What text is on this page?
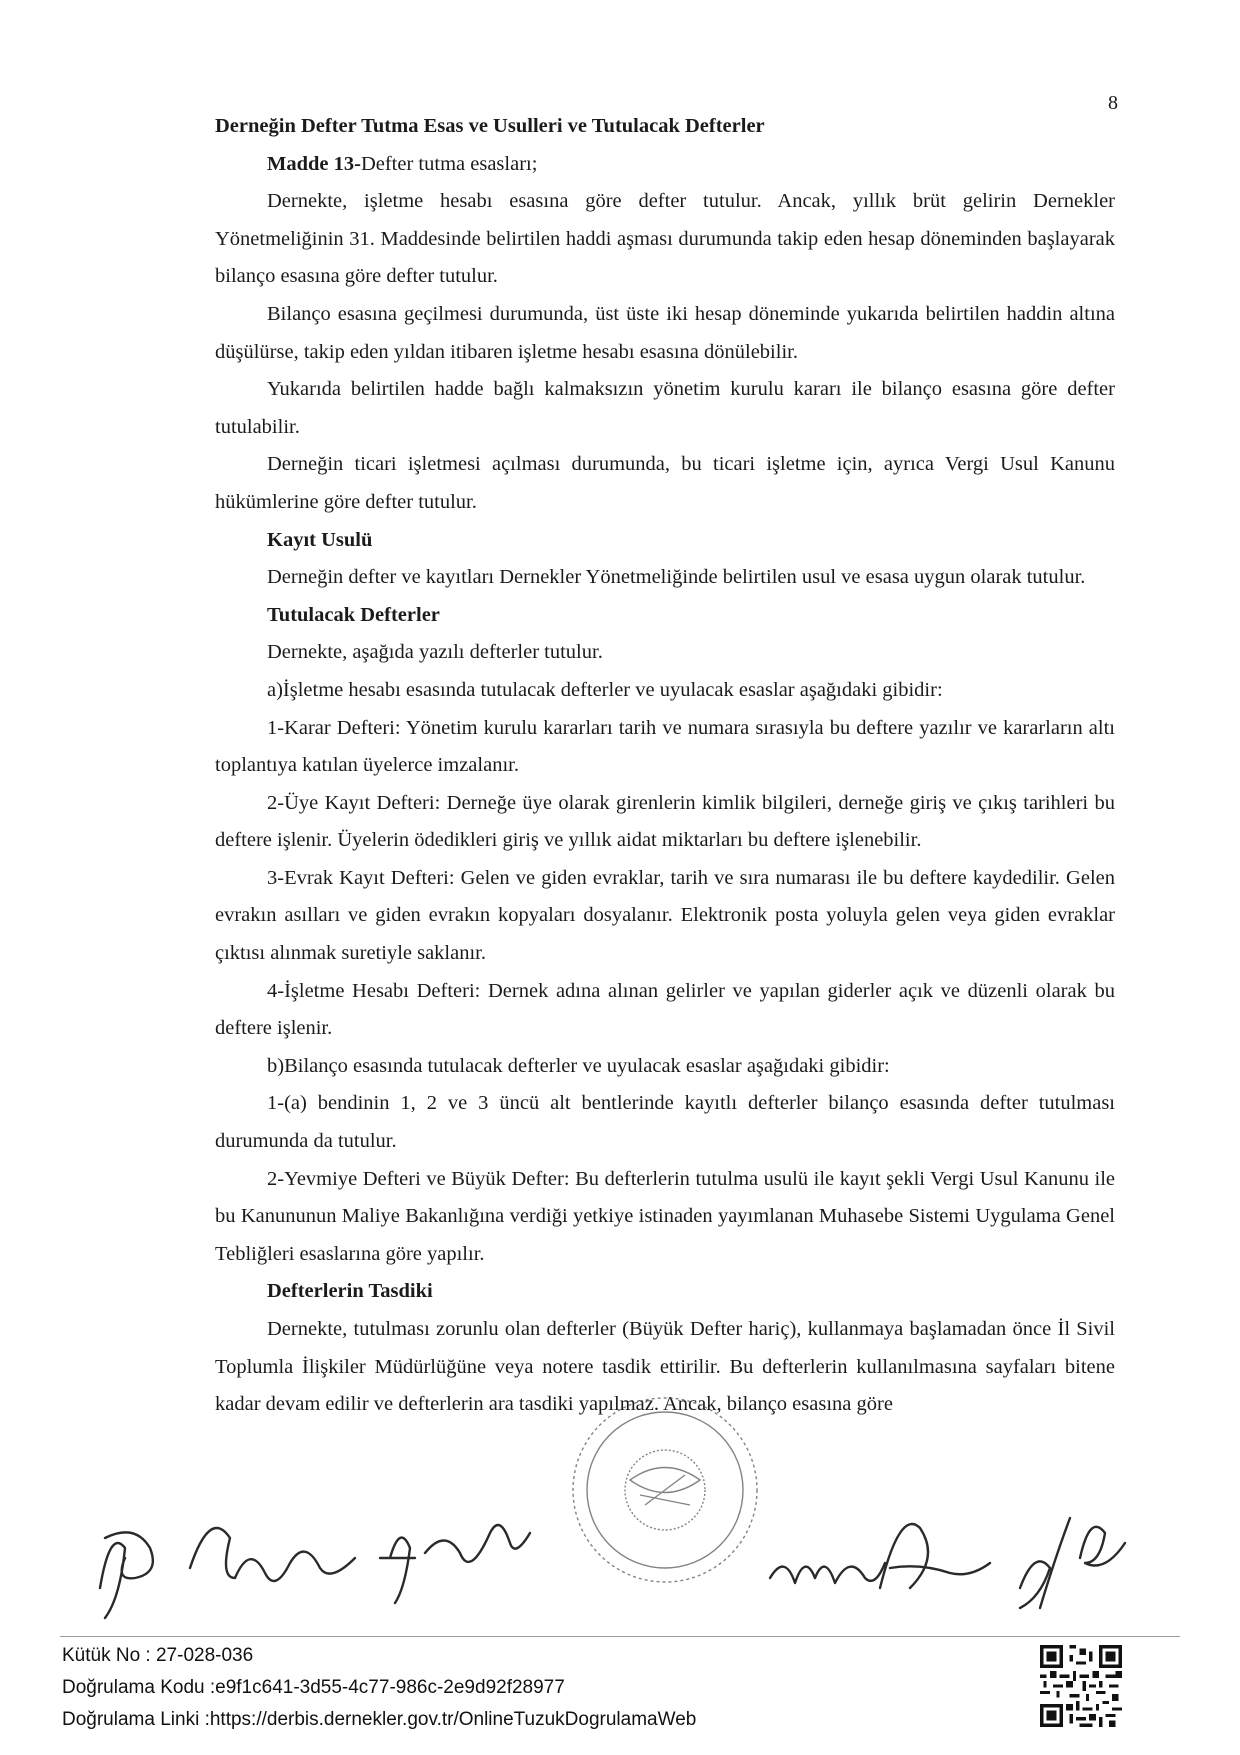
8

Derneğin Defter Tutma Esas ve Usulleri ve Tutulacak Defterler

Madde 13-Defter tutma esasları;

Dernekte, işletme hesabı esasına göre defter tutulur. Ancak, yıllık brüt gelirin Dernekler Yönetmeliğinin 31. Maddesinde belirtilen haddi aşması durumunda takip eden hesap döneminden başlayarak bilanço esasına göre defter tutulur.

Bilanço esasına geçilmesi durumunda, üst üste iki hesap döneminde yukarıda belirtilen haddin altına düşülürse, takip eden yıldan itibaren işletme hesabı esasına dönülebilir.

Yukarıda belirtilen hadde bağlı kalmaksızın yönetim kurulu kararı ile bilanço esasına göre defter tutulabilir.

Derneğin ticari işletmesi açılması durumunda, bu ticari işletme için, ayrıca Vergi Usul Kanunu hükümlerine göre defter tutulur.

Kayıt Usulü

Derneğin defter ve kayıtları Dernekler Yönetmeliğinde belirtilen usul ve esasa uygun olarak tutulur.

Tutulacak Defterler

Dernekte, aşağıda yazılı defterler tutulur.

a)İşletme hesabı esasında tutulacak defterler ve uyulacak esaslar aşağıdaki gibidir:

1-Karar Defteri: Yönetim kurulu kararları tarih ve numara sırasıyla bu deftere yazılır ve kararların altı toplantıya katılan üyelerce imzalanır.

2-Üye Kayıt Defteri: Derneğe üye olarak girenlerin kimlik bilgileri, derneğe giriş ve çıkış tarihleri bu deftere işlenir. Üyelerin ödedikleri giriş ve yıllık aidat miktarları bu deftere işlenebilir.

3-Evrak Kayıt Defteri: Gelen ve giden evraklar, tarih ve sıra numarası ile bu deftere kaydedilir. Gelen evrakın asılları ve giden evrakın kopyaları dosyalanır. Elektronik posta yoluyla gelen veya giden evraklar çıktısı alınmak suretiyle saklanır.

4-İşletme Hesabı Defteri: Dernek adına alınan gelirler ve yapılan giderler açık ve düzenli olarak bu deftere işlenir.

b)Bilanço esasında tutulacak defterler ve uyulacak esaslar aşağıdaki gibidir:

1-(a) bendinin 1, 2 ve 3 üncü alt bentlerinde kayıtlı defterler bilanço esasında defter tutulması durumunda da tutulur.

2-Yevmiye Defteri ve Büyük Defter: Bu defterlerin tutulma usulü ile kayıt şekli Vergi Usul Kanunu ile bu Kanununun Maliye Bakanlığına verdiği yetkiye istinaden yayımlanan Muhasebe Sistemi Uygulama Genel Tebliğleri esaslarına göre yapılır.

Defterlerin Tasdiki

Dernekte, tutulması zorunlu olan defterler (Büyük Defter hariç), kullanmaya başlamadan önce İl Sivil Toplumla İlişkiler Müdürlüğüne veya notere tasdik ettirilir. Bu defterlerin kullanılmasına sayfaları bitene kadar devam edilir ve defterlerin ara tasdiki yapılmaz. Ancak, bilanço esasına göre

Kütük No : 27-028-036
Doğrulama Kodu :e9f1c641-3d55-4c77-986c-2e9d92f28977
Doğrulama Linki :https://derbis.dernekler.gov.tr/OnlineTuzukDogrulamaWeb
